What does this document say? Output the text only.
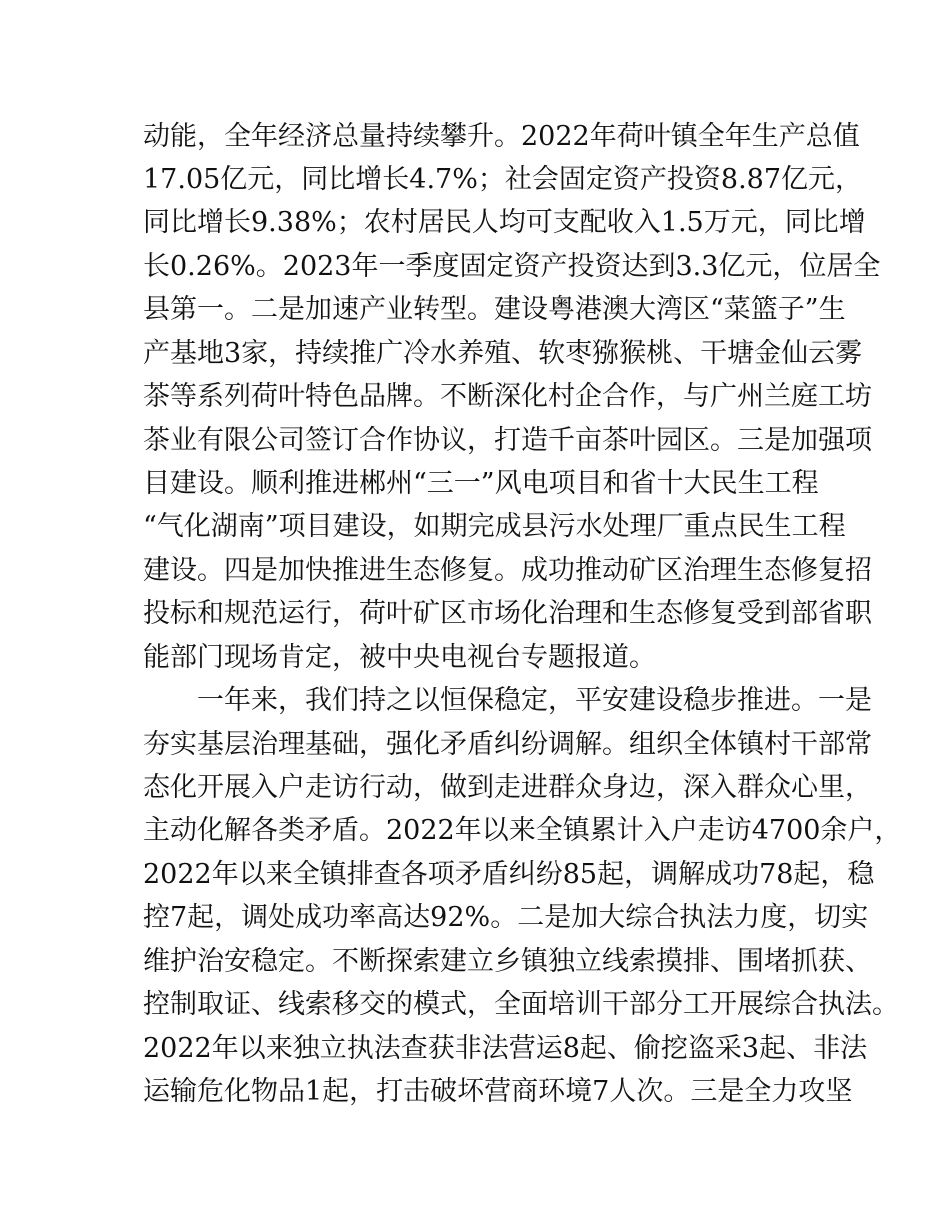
动能，全年经济总量持续攀升。2022年荷叶镇全年生产总值
17.05亿元，同比增长4.7%；社会固定资产投资8.87亿元，
同比增长9.38%；农村居民人均可支配收入1.5万元，同比增
长0.26%。2023年一季度固定资产投资达到3.3亿元，位居全
县第一。二是加速产业转型。建设粤港澳大湾区“菜篮子”生
产基地3家，持续推广冷水养殖、软枣猕猴桃、干塘金仙云雾
茶等系列荷叶特色品牌。不断深化村企合作，与广州兰庭工坊
茶业有限公司签订合作协议，打造千亩茶叶园区。三是加强项
目建设。顺利推进郴州“三一”风电项目和省十大民生工程
“气化湖南”项目建设，如期完成县污水处理厂重点民生工程
建设。四是加快推进生态修复。成功推动矿区治理生态修复招
投标和规范运行，荷叶矿区市场化治理和生态修复受到部省职
能部门现场肯定，被中央电视台专题报道。
一年来，我们持之以恒保稳定，平安建设稳步推进。一是
夯实基层治理基础，强化矛盾纠纷调解。组织全体镇村干部常
态化开展入户走访行动，做到走进群众身边，深入群众心里，
主动化解各类矛盾。2022年以来全镇累计入户走访4700余户，
2022年以来全镇排查各项矛盾纠纷85起，调解成功78起，稳
控7起，调处成功率高达92%。二是加大综合执法力度，切实
维护治安稳定。不断探索建立乡镇独立线索摸排、围堵抓获、
控制取证、线索移交的模式，全面培训干部分工开展综合执法。
2022年以来独立执法查获非法营运8起、偷挖盗采3起、非法
运输危化物品1起，打击破坏营商环境7人次。三是全力攻坚
